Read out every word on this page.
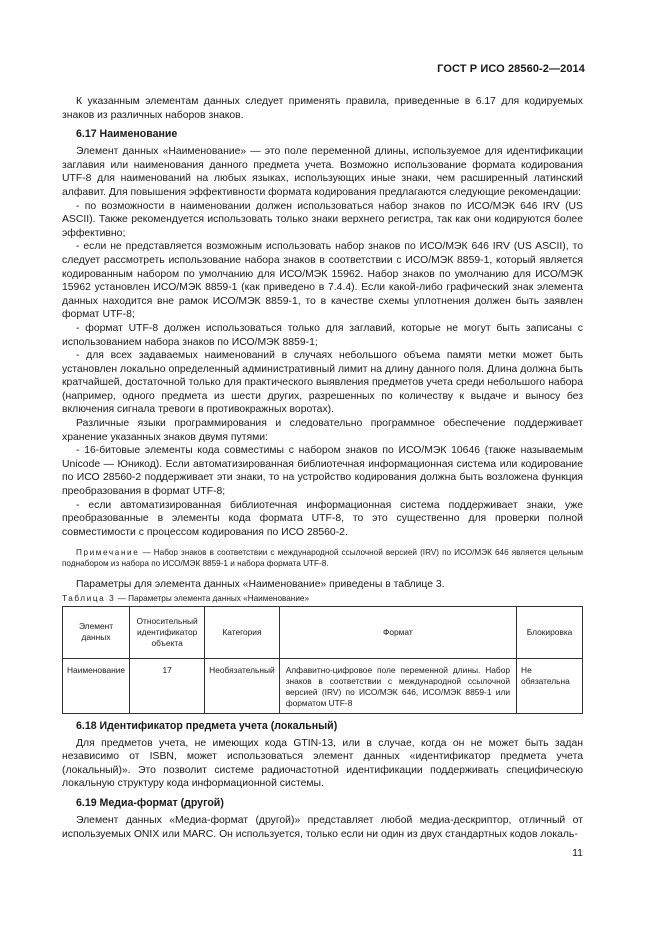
ГОСТ Р ИСО 28560-2—2014

К указанным элементам данных следует применять правила, приведенные в 6.17 для кодируемых знаков из различных наборов знаков.

6.17 Наименование

Элемент данных «Наименование» — это поле переменной длины, используемое для идентификации заглавия или наименования данного предмета учета. Возможно использование формата кодирования UTF-8 для наименований на любых языках, использующих иные знаки, чем расширенный латинский алфавит. Для повышения эффективности формата кодирования предлагаются следующие рекомендации:

- по возможности в наименовании должен использоваться набор знаков по ИСО/МЭК 646 IRV (US ASCII). Также рекомендуется использовать только знаки верхнего регистра, так как они кодируются более эффективно;

- если не представляется возможным использовать набор знаков по ИСО/МЭК 646 IRV (US ASCII), то следует рассмотреть использование набора знаков в соответствии с ИСО/МЭК 8859-1, который является кодированным набором по умолчанию для ИСО/МЭК 15962. Набор знаков по умолчанию для ИСО/МЭК 15962 установлен ИСО/МЭК 8859-1 (как приведено в 7.4.4). Если какой-либо графический знак элемента данных находится вне рамок ИСО/МЭК 8859-1, то в качестве схемы уплотнения должен быть заявлен формат UTF-8;

- формат UTF-8 должен использоваться только для заглавий, которые не могут быть записаны с использованием набора знаков по ИСО/МЭК 8859-1;

- для всех задаваемых наименований в случаях небольшого объема памяти метки может быть установлен локально определенный административный лимит на длину данного поля. Длина должна быть кратчайшей, достаточной только для практического выявления предметов учета среди небольшого набора (например, одного предмета из шести других, разрешенных по количеству к выдаче и выносу без включения сигнала тревоги в противокражных воротах).

Различные языки программирования и следовательно программное обеспечение поддерживает хранение указанных знаков двумя путями:

- 16-битовые элементы кода совместимы с набором знаков по ИСО/МЭК 10646 (также называемым Unicode — Юникод). Если автоматизированная библиотечная информационная система или кодирование по ИСО 28560-2 поддерживает эти знаки, то на устройство кодирования должна быть возложена функция преобразования в формат UTF-8;

- если автоматизированная библиотечная информационная система поддерживает знаки, уже преобразованные в элементы кода формата UTF-8, то это существенно для проверки полной совместимости с процессом кодирования по ИСО 28560-2.

Примечание — Набор знаков в соответствии с международной ссылочной версией (IRV) по ИСО/МЭК 646 является цельным поднабором из набора по ИСО/МЭК 8859-1 и набора формата UTF-8.

Параметры для элемента данных «Наименование» приведены в таблице 3.

Таблица 3 — Параметры элемента данных «Наименование»

Элемент данных	Относительный идентификатор объекта	Категория	Формат	Блокировка
Наименование	17	Необязательный	Алфавитно-цифровое поле переменной длины. Набор знаков в соответствии с международной ссылочной версией (IRV) по ИСО/МЭК 646, ИСО/МЭК 8859-1 или форматом UTF-8	Не обязательна
6.18 Идентификатор предмета учета (локальный)

Для предметов учета, не имеющих кода GTIN-13, или в случае, когда он не может быть задан независимо от ISBN, может использоваться элемент данных «идентификатор предмета учета (локальный)». Это позволит системе радиочастотной идентификации поддерживать специфическую локальную структуру кода информационной системы.

6.19 Медиа-формат (другой)

Элемент данных «Медиа-формат (другой)» представляет любой медиа-дескриптор, отличный от используемых ONIX или MARC. Он используется, только если ни один из двух стандартных кодов локаль-

11
